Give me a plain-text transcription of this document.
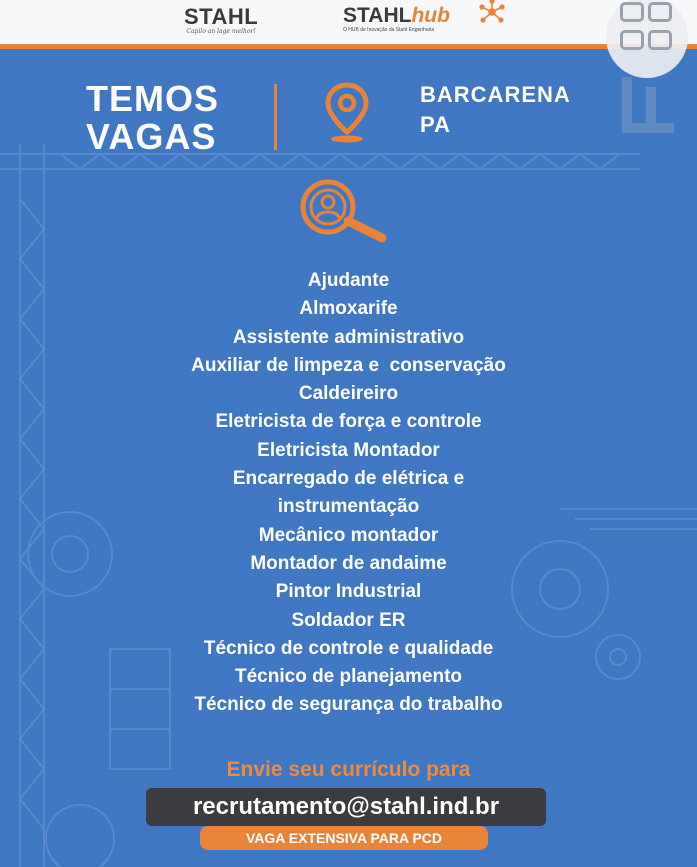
STAHL
Capilo an lage melhor!
STAHLhub
O HUB de Inovação da Stahl Engenharia
TEMOS
VAGAS
BARCARENA
PA
Ajudante
Almoxarife
Assistente administrativo
Auxiliar de limpeza e  conservação
Caldeireiro
Eletricista de força e controle
Eletricista Montador
Encarregado de elétrica e
instrumentação
Mecânico montador
Montador de andaime
Pintor Industrial
Soldador ER
Técnico de controle e qualidade
Técnico de planejamento
Técnico de segurança do trabalho
Envie seu currículo para
recrutamento@stahl.ind.br
VAGA EXTENSIVA PARA PCD
